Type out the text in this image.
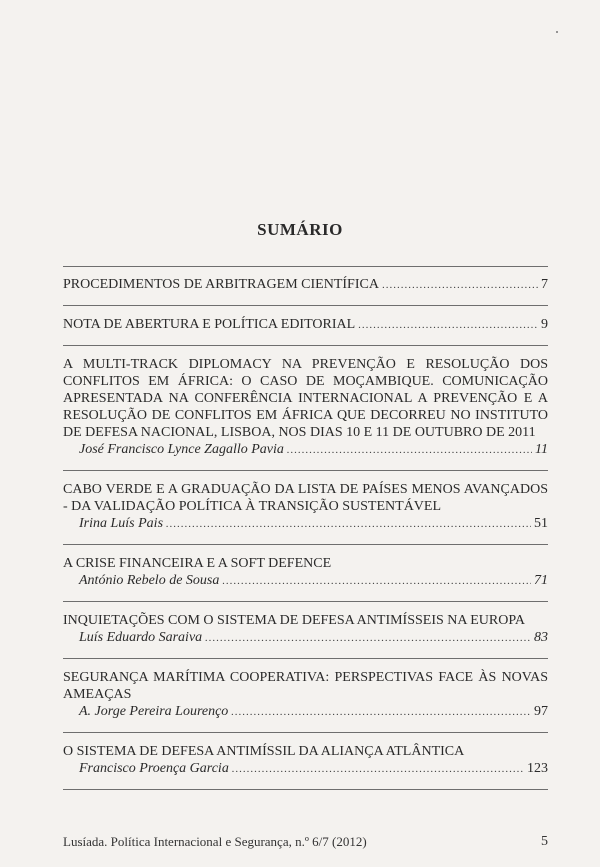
SUMÁRIO
PROCEDIMENTOS DE ARBITRAGEM CIENTÍFICA .....	7
NOTA DE ABERTURA E POLÍTICA EDITORIAL .....	9
A MULTI-TRACK DIPLOMACY NA PREVENÇÃO E RESOLUÇÃO DOS CONFLITOS EM ÁFRICA: O CASO DE MOÇAMBIQUE. COMUNICAÇÃO APRESENTADA NA CONFERÊNCIA INTERNACIONAL A PREVENÇÃO E A RESOLUÇÃO DE CONFLITOS EM ÁFRICA QUE DECORREU NO INSTITUTO DE DEFESA NACIONAL, LISBOA, NOS DIAS 10 E 11 DE OUTUBRO DE 2011
José Francisco Lynce Zagallo Pavia .....	11
CABO VERDE E A GRADUAÇÃO DA LISTA DE PAÍSES MENOS AVANÇADOS - DA VALIDAÇÃO POLÍTICA À TRANSIÇÃO SUSTENTÁVEL
Irina Luís Pais .....	51
A CRISE FINANCEIRA E A SOFT DEFENCE
António Rebelo de Sousa .....	71
INQUIETAÇÕES COM O SISTEMA DE DEFESA ANTIMÍSSEIS NA EUROPA
Luís Eduardo Saraiva .....	83
SEGURANÇA MARÍTIMA COOPERATIVA: PERSPECTIVAS FACE ÀS NOVAS AMEAÇAS
A. Jorge Pereira Lourenço .....	97
O SISTEMA DE DEFESA ANTIMÍSSIL DA ALIANÇA ATLÂNTICA
Francisco Proença Garcia .....	123
Lusíada. Política Internacional e Segurança, n.º 6/7 (2012)	5
